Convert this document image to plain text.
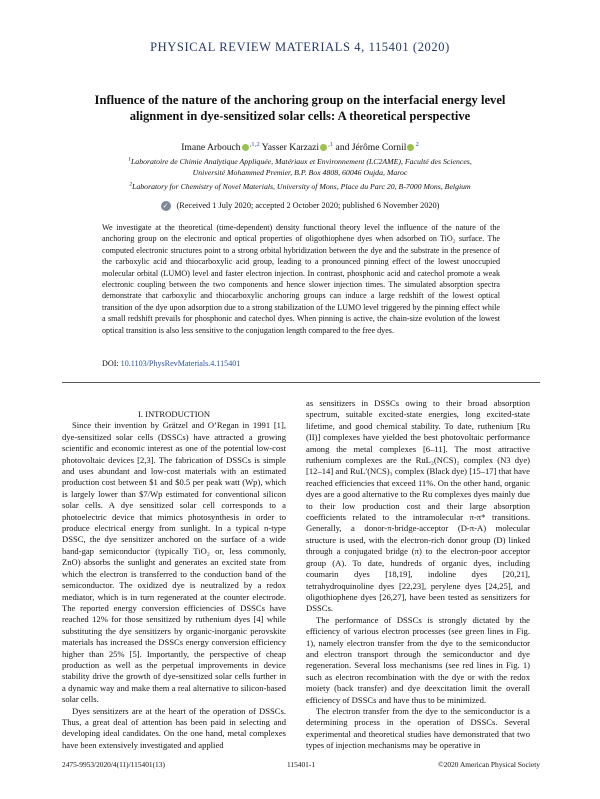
PHYSICAL REVIEW MATERIALS 4, 115401 (2020)
Influence of the nature of the anchoring group on the interfacial energy level alignment in dye-sensitized solar cells: A theoretical perspective
Imane Arbouch $^{,1,2}$ Yasser Karzazi $^{,1}$ and Jérôme Cornil $^2$
$^1$Laboratoire de Chimie Analytique Appliquée, Matériaux et Environnement (LC2AME), Faculté des Sciences,
Université Mohammed Premier, B.P. Box 4808, 60046 Oujda, Maroc
$^2$Laboratory for Chemistry of Novel Materials, University of Mons, Place du Parc 20, B-7000 Mons, Belgium
✓ (Received 1 July 2020; accepted 2 October 2020; published 6 November 2020)
We investigate at the theoretical (time-dependent) density functional theory level the influence of the nature of the anchoring group on the electronic and optical properties of oligothiophene dyes when adsorbed on TiO₂ surface. The computed electronic structures point to a strong orbital hybridization between the dye and the substrate in the presence of the carboxylic acid and thiocarboxylic acid group, leading to a pronounced pinning effect of the lowest unoccupied molecular orbital (LUMO) level and faster electron injection. In contrast, phosphonic acid and catechol promote a weak electronic coupling between the two components and hence slower injection times. The simulated absorption spectra demonstrate that carboxylic and thiocarboxylic anchoring groups can induce a large redshift of the lowest optical transition of the dye upon adsorption due to a strong stabilization of the LUMO level triggered by the pinning effect while a small redshift prevails for phosphonic and catechol dyes. When pinning is active, the chain-size evolution of the lowest optical transition is also less sensitive to the conjugation length compared to the free dyes.
DOI: 10.1103/PhysRevMaterials.4.115401

I. INTRODUCTION

Since their invention by Grätzel and O’Regan in 1991 [1], dye-sensitized solar cells (DSSCs) have attracted a growing scientific and economic interest as one of the potential low-cost photovoltaic devices [2,3]. The fabrication of DSSCs is simple and uses abundant and low-cost materials with an estimated production cost between $1 and $0.5 per peak watt (Wp), which is largely lower than $7/Wp estimated for conventional silicon solar cells. A dye sensitized solar cell corresponds to a photoelectric device that mimics photosynthesis in order to produce electrical energy from sunlight. In a typical n-type DSSC, the dye sensitizer anchored on the surface of a wide band-gap semiconductor (typically TiO₂ or, less commonly, ZnO) absorbs the sunlight and generates an excited state from which the electron is transferred to the conduction band of the semiconductor. The oxidized dye is neutralized by a redox mediator, which is in turn regenerated at the counter electrode. The reported energy conversion efficiencies of DSSCs have reached 12% for those sensitized by ruthenium dyes [4] while substituting the dye sensitizers by organic-inorganic perovskite materials has increased the DSSCs energy conversion efficiency higher than 25% [5]. Importantly, the perspective of cheap production as well as the perpetual improvements in device stability drive the growth of dye-sensitized solar cells further in a dynamic way and make them a real alternative to silicon-based solar cells.

Dyes sensitizers are at the heart of the operation of DSSCs. Thus, a great deal of attention has been paid in selecting and developing ideal candidates. On the one hand, metal complexes have been extensively investigated and applied

as sensitizers in DSSCs owing to their broad absorption spectrum, suitable excited-state energies, long excited-state lifetime, and good chemical stability. To date, ruthenium [Ru (II)] complexes have yielded the best photovoltaic performance among the metal complexes [6–11]. The most attractive ruthenium complexes are the RuL₂(NCS)₂ complex (N3 dye) [12–14] and RuL′(NCS)₃ complex (Black dye) [15–17] that have reached efficiencies that exceed 11%. On the other hand, organic dyes are a good alternative to the Ru complexes dyes mainly due to their low production cost and their large absorption coefficients related to the intramolecular π-π* transitions. Generally, a donor-π-bridge-acceptor (D-π-A) molecular structure is used, with the electron-rich donor group (D) linked through a conjugated bridge (π) to the electron-poor acceptor group (A). To date, hundreds of organic dyes, including coumarin dyes [18,19], indoline dyes [20,21], tetrahydroquinoline dyes [22,23], perylene dyes [24,25], and oligothiophene dyes [26,27], have been tested as sensitizers for DSSCs.

The performance of DSSCs is strongly dictated by the efficiency of various electron processes (see green lines in Fig. 1), namely electron transfer from the dye to the semiconductor and electron transport through the semiconductor and dye regeneration. Several loss mechanisms (see red lines in Fig. 1) such as electron recombination with the dye or with the redox moiety (back transfer) and dye deexcitation limit the overall efficiency of DSSCs and have thus to be minimized.

The electron transfer from the dye to the semiconductor is a determining process in the operation of DSSCs. Several experimental and theoretical studies have demonstrated that two types of injection mechanisms may be operative in

2475-9953/2020/4(11)/115401(13)	115401-1	©2020 American Physical Society
